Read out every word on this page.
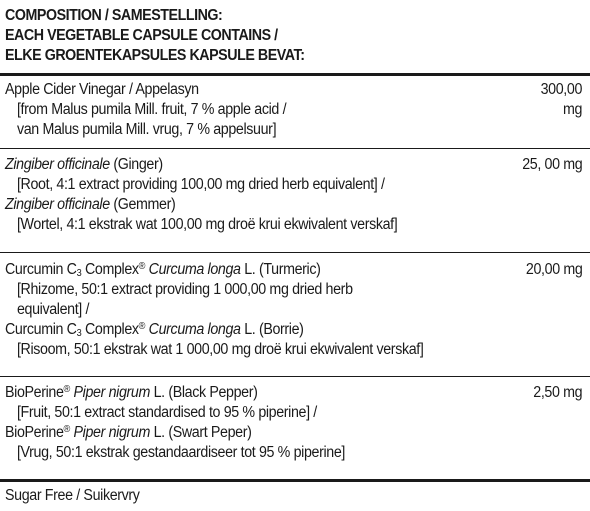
COMPOSITION / SAMESTELLING:
EACH VEGETABLE CAPSULE CONTAINS /
ELKE GROENTEKAPSULES KAPSULE BEVAT:
Apple Cider Vinegar / Appelasyn
[from Malus pumila Mill. fruit, 7 % apple acid /
van Malus pumila Mill. vrug, 7 % appelsuur]
300,00
mg
Zingiber officinale (Ginger)
[Root, 4:1 extract providing 100,00 mg dried herb equivalent] /
Zingiber officinale (Gemmer)
[Wortel, 4:1 ekstrak wat 100,00 mg droë krui ekwivalent verskaf]
25, 00 mg
Curcumin $C_3$ Complex® Curcuma longa L. (Turmeric)
[Rhizome, 50:1 extract providing 1 000,00 mg dried herb
equivalent] /
Curcumin $C_3$ Complex® Curcuma longa L. (Borrie)
[Risoom, 50:1 ekstrak wat 1 000,00 mg droë krui ekwivalent verskaf]
20,00 mg
BioPerine® Piper nigrum L. (Black Pepper)
[Fruit, 50:1 extract standardised to 95 % piperine] /
BioPerine® Piper nigrum L. (Swart Peper)
[Vrug, 50:1 ekstrak gestandaardiseer tot 95 % piperine]
2,50 mg
Sugar Free / Suikervry
